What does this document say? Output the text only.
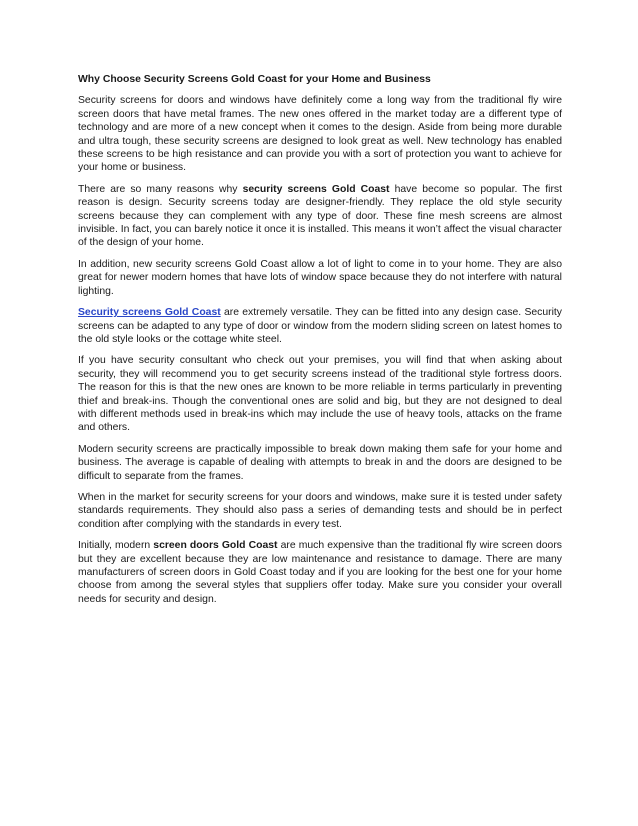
Why Choose Security Screens Gold Coast for your Home and Business

Security screens for doors and windows have definitely come a long way from the traditional fly wire screen doors that have metal frames. The new ones offered in the market today are a different type of technology and are more of a new concept when it comes to the design. Aside from being more durable and ultra tough, these security screens are designed to look great as well. New technology has enabled these screens to be high resistance and can provide you with a sort of protection you want to achieve for your home or business.

There are so many reasons why security screens Gold Coast have become so popular. The first reason is design. Security screens today are designer-friendly. They replace the old style security screens because they can complement with any type of door. These fine mesh screens are almost invisible. In fact, you can barely notice it once it is installed. This means it won’t affect the visual character of the design of your home.

In addition, new security screens Gold Coast allow a lot of light to come in to your home. They are also great for newer modern homes that have lots of window space because they do not interfere with natural lighting.

Security screens Gold Coast are extremely versatile. They can be fitted into any design case. Security screens can be adapted to any type of door or window from the modern sliding screen on latest homes to the old style looks or the cottage white steel.

If you have security consultant who check out your premises, you will find that when asking about security, they will recommend you to get security screens instead of the traditional style fortress doors. The reason for this is that the new ones are known to be more reliable in terms particularly in preventing thief and break-ins. Though the conventional ones are solid and big, but they are not designed to deal with different methods used in break-ins which may include the use of heavy tools, attacks on the frame and others.

Modern security screens are practically impossible to break down making them safe for your home and business. The average is capable of dealing with attempts to break in and the doors are designed to be difficult to separate from the frames.

When in the market for security screens for your doors and windows, make sure it is tested under safety standards requirements. They should also pass a series of demanding tests and should be in perfect condition after complying with the standards in every test.

Initially, modern screen doors Gold Coast are much expensive than the traditional fly wire screen doors but they are excellent because they are low maintenance and resistance to damage. There are many manufacturers of screen doors in Gold Coast today and if you are looking for the best one for your home choose from among the several styles that suppliers offer today. Make sure you consider your overall needs for security and design.
